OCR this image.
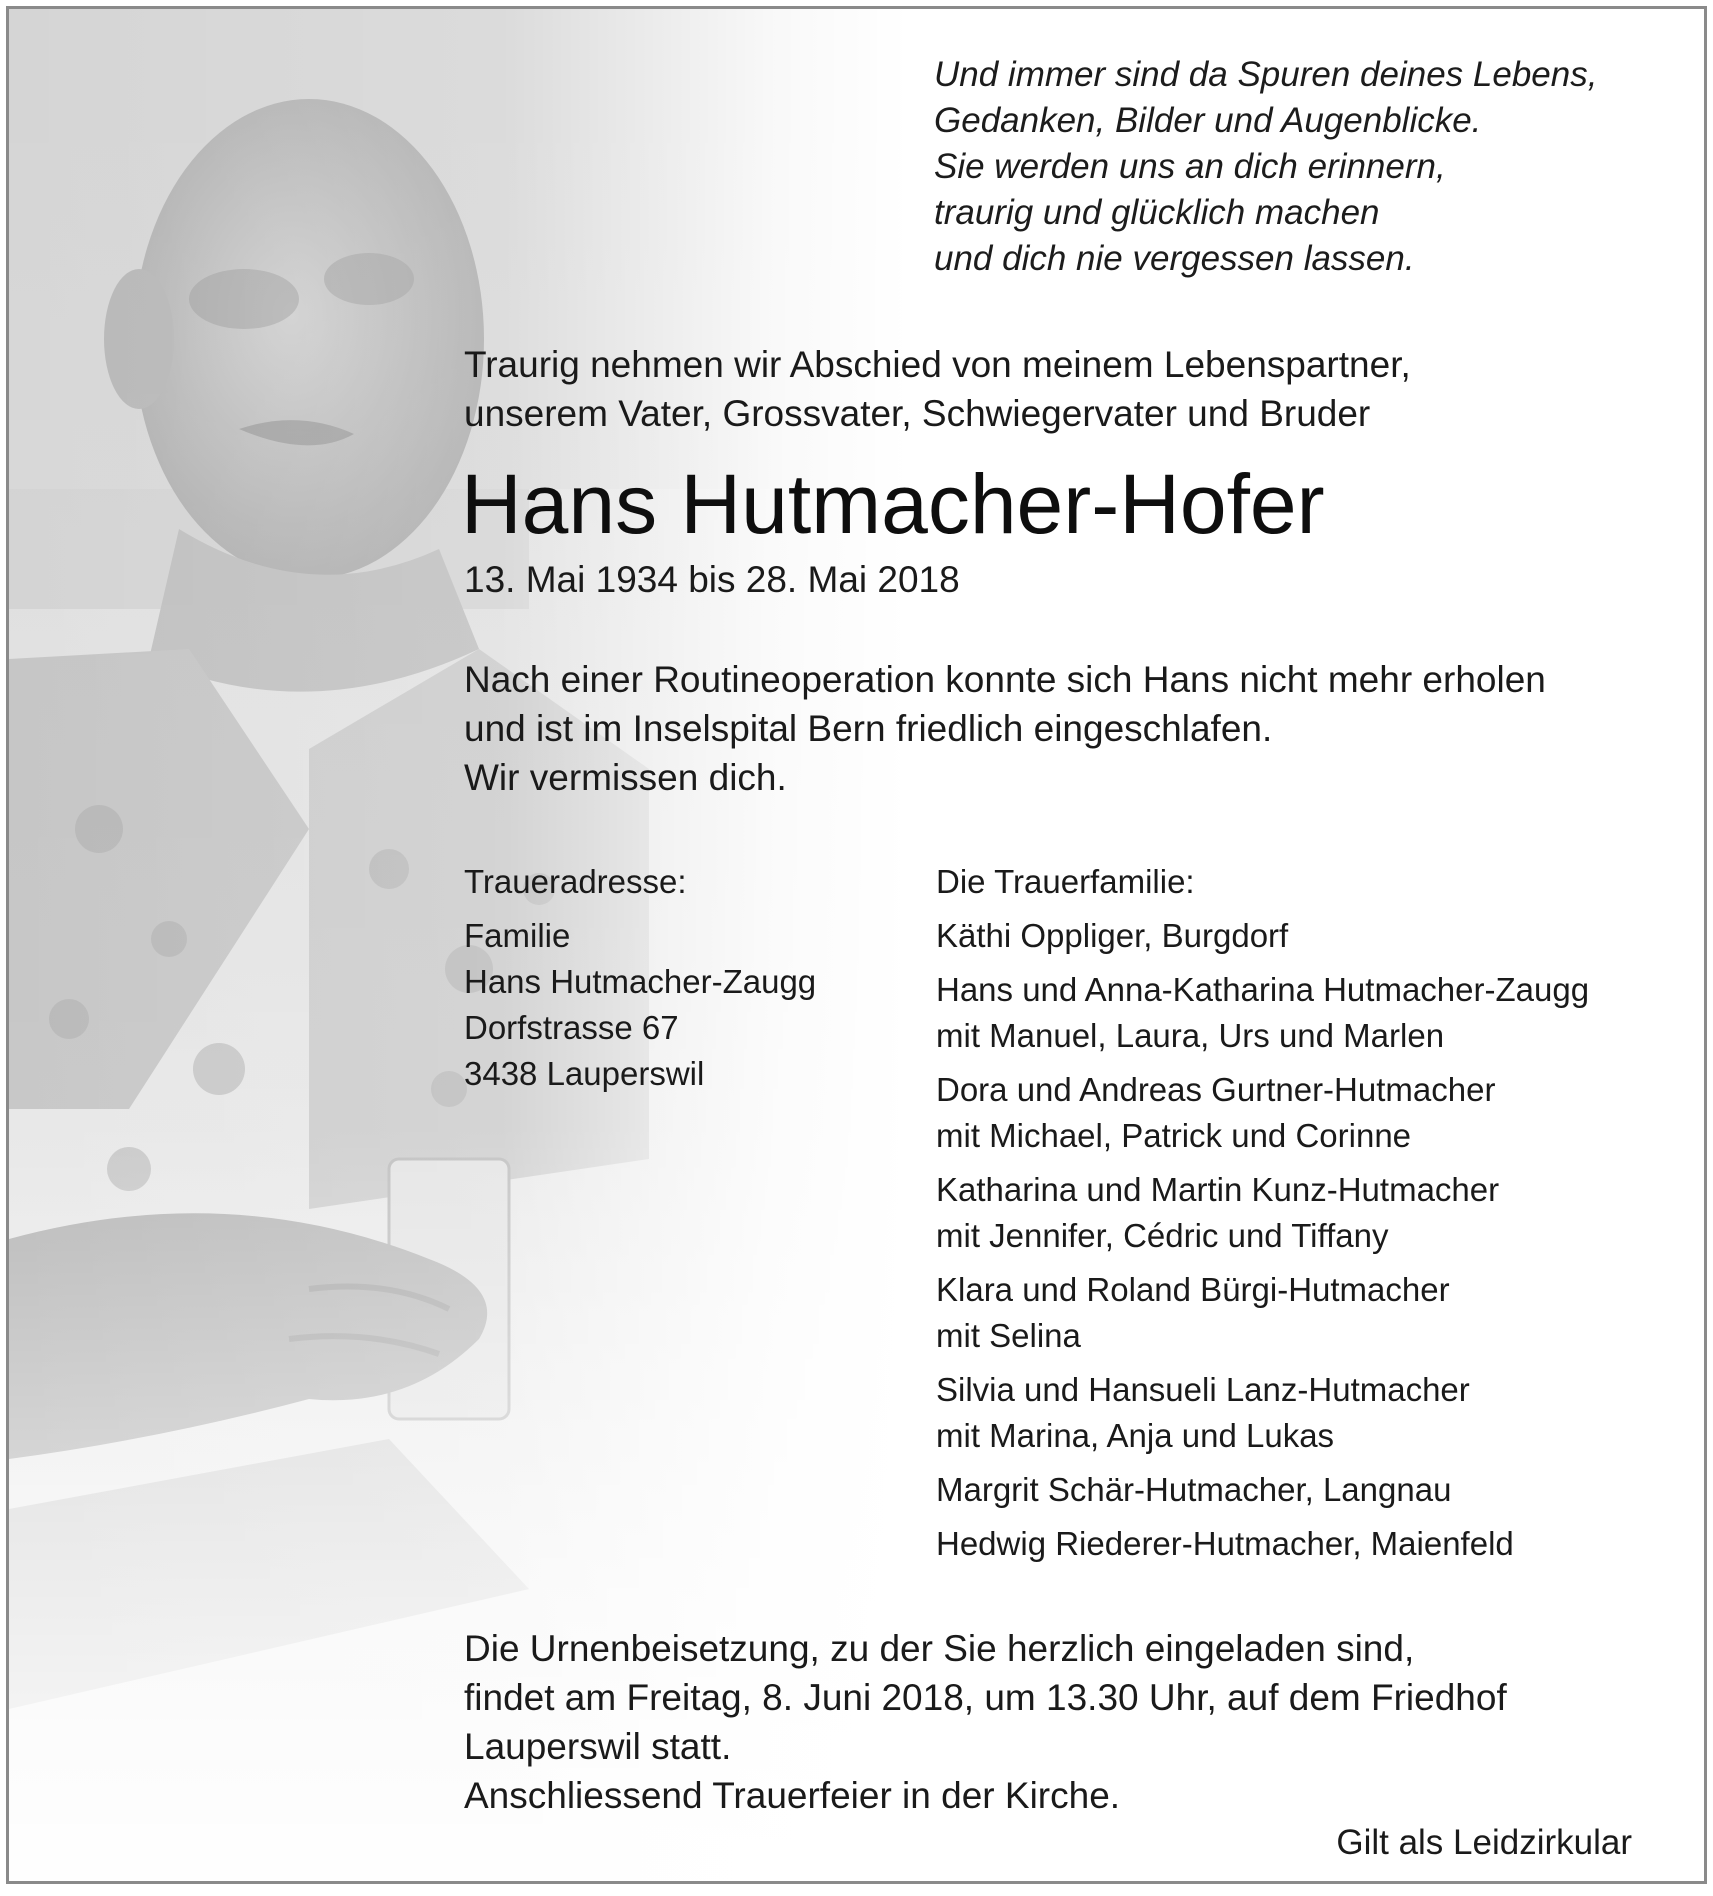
Und immer sind da Spuren deines Lebens,
Gedanken, Bilder und Augenblicke.
Sie werden uns an dich erinnern,
traurig und glücklich machen
und dich nie vergessen lassen.
Traurig nehmen wir Abschied von meinem Lebenspartner,
unserem Vater, Grossvater, Schwiegervater und Bruder
Hans Hutmacher-Hofer
13. Mai 1934 bis 28. Mai 2018
Nach einer Routineoperation konnte sich Hans nicht mehr erholen
und ist im Inselspital Bern friedlich eingeschlafen.
Wir vermissen dich.
Traueradresse:
Familie
Hans Hutmacher-Zaugg
Dorfstrasse 67
3438 Lauperswil
Die Trauerfamilie:
Käthi Oppliger, Burgdorf
Hans und Anna-Katharina Hutmacher-Zaugg
mit Manuel, Laura, Urs und Marlen
Dora und Andreas Gurtner-Hutmacher
mit Michael, Patrick und Corinne
Katharina und Martin Kunz-Hutmacher
mit Jennifer, Cédric und Tiffany
Klara und Roland Bürgi-Hutmacher
mit Selina
Silvia und Hansueli Lanz-Hutmacher
mit Marina, Anja und Lukas
Margrit Schär-Hutmacher, Langnau
Hedwig Riederer-Hutmacher, Maienfeld
Die Urnenbeisetzung, zu der Sie herzlich eingeladen sind,
findet am Freitag, 8. Juni 2018, um 13.30 Uhr, auf dem Friedhof
Lauperswil statt.
Anschliessend Trauerfeier in der Kirche.
Gilt als Leidzirkular
